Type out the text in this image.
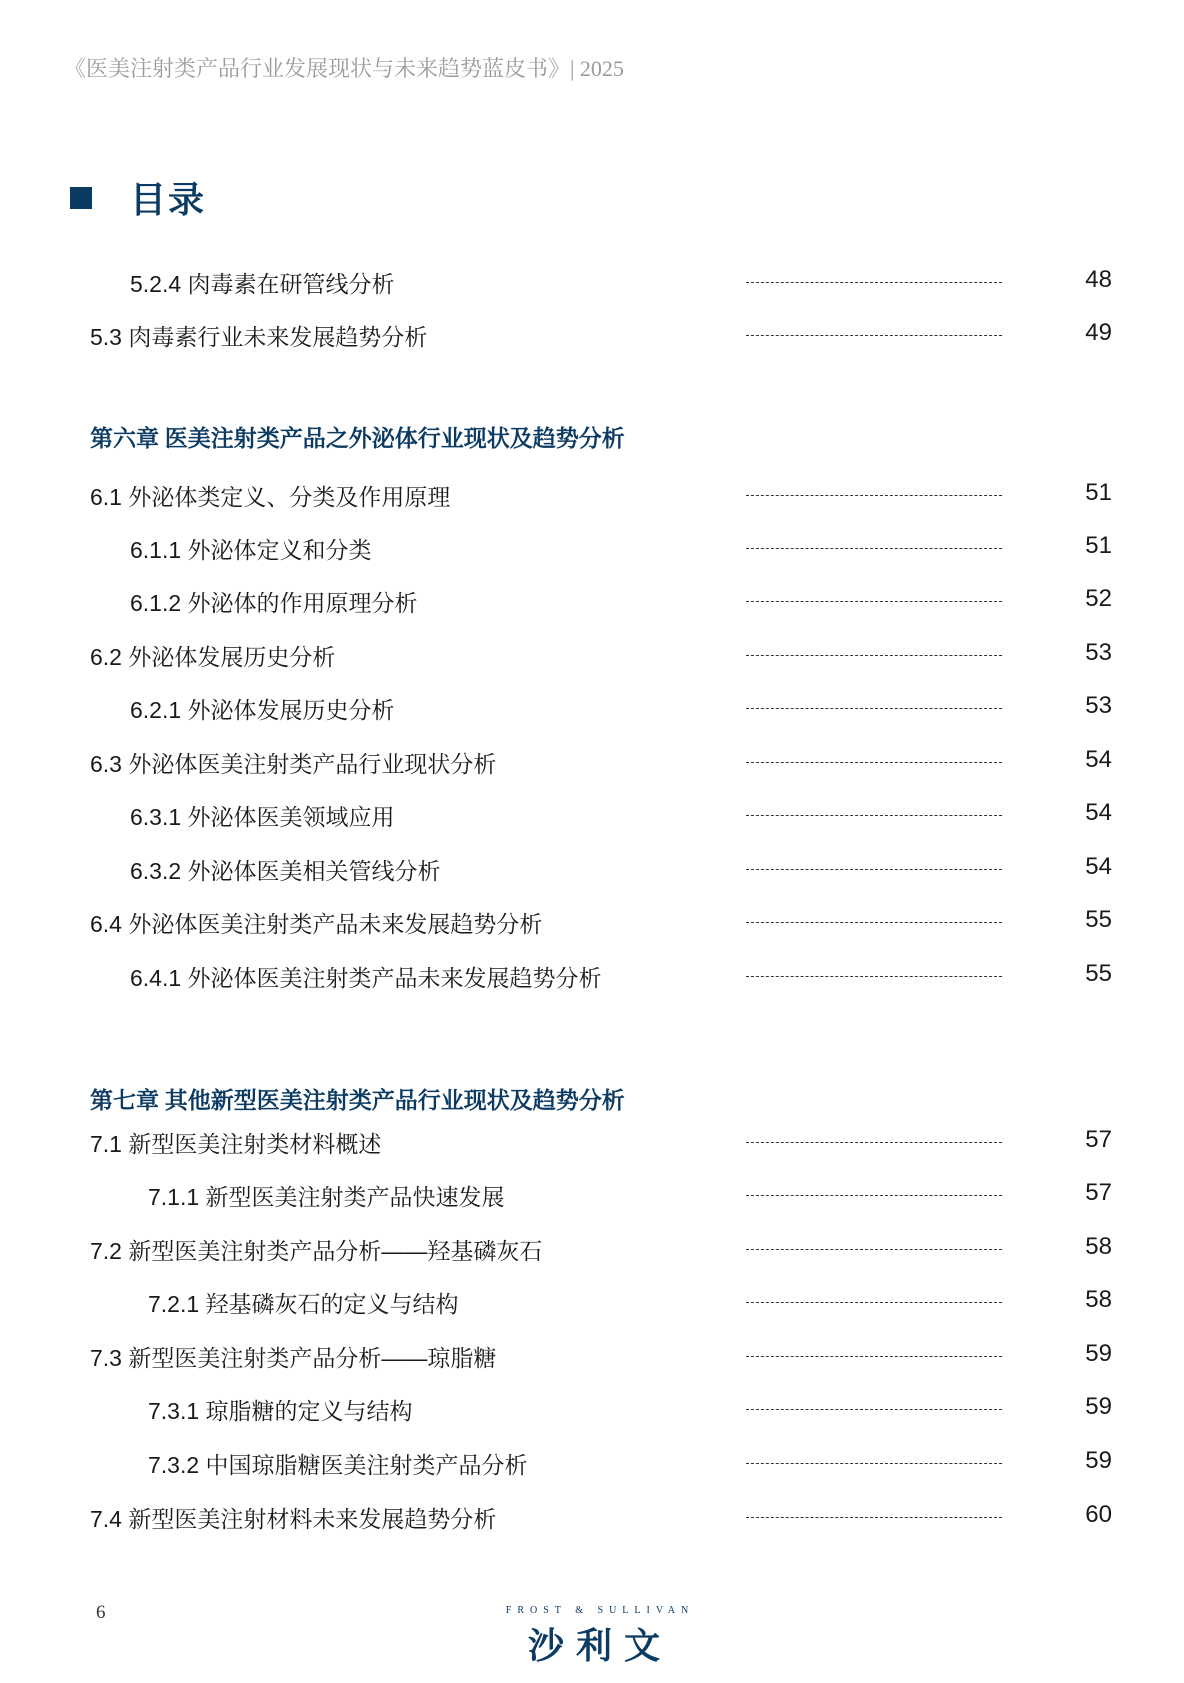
《医美注射类产品行业发展现状与未来趋势蓝皮书》| 2025
目录
5.2.4 肉毒素在研管线分析	48
5.3 肉毒素行业未来发展趋势分析	49
第六章 医美注射类产品之外泌体行业现状及趋势分析
6.1 外泌体类定义、分类及作用原理	51
6.1.1 外泌体定义和分类	51
6.1.2 外泌体的作用原理分析	52
6.2 外泌体发展历史分析	53
6.2.1 外泌体发展历史分析	53
6.3 外泌体医美注射类产品行业现状分析	54
6.3.1 外泌体医美领域应用	54
6.3.2 外泌体医美相关管线分析	54
6.4 外泌体医美注射类产品未来发展趋势分析	55
6.4.1 外泌体医美注射类产品未来发展趋势分析	55
第七章 其他新型医美注射类产品行业现状及趋势分析
7.1 新型医美注射类材料概述	57
7.1.1 新型医美注射类产品快速发展	57
7.2 新型医美注射类产品分析——羟基磷灰石	58
7.2.1 羟基磷灰石的定义与结构	58
7.3 新型医美注射类产品分析——琼脂糖	59
7.3.1 琼脂糖的定义与结构	59
7.3.2 中国琼脂糖医美注射类产品分析	59
7.4 新型医美注射材料未来发展趋势分析	60
6	FROST & SULLIVAN
沙利文
